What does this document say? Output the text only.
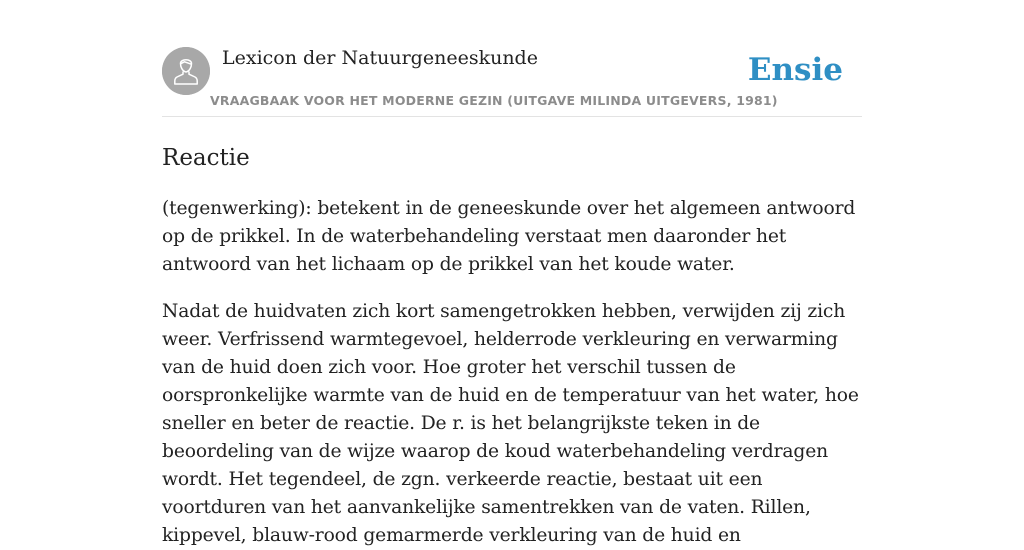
Lexicon der Natuurgeneeskunde
VRAAGBAAK VOOR HET MODERNE GEZIN (UITGAVE MILINDA UITGEVERS, 1981)
Ensie
Reactie

(tegenwerking): betekent in de geneeskunde over het algemeen antwoord op de prikkel. In de waterbehandeling verstaat men daaronder het antwoord van het lichaam op de prikkel van het koude water.

Nadat de huidvaten zich kort samengetrokken hebben, verwijden zij zich weer. Verfrissend warmtegevoel, helderrode verkleuring en verwarming van de huid doen zich voor. Hoe groter het verschil tussen de oorspronkelijke warmte van de huid en de temperatuur van het water, hoe sneller en beter de reactie. De r. is het belangrijkste teken in de beoordeling van de wijze waarop de koud waterbehandeling verdragen wordt. Het tegendeel, de zgn. verkeerde reactie, bestaat uit een voortduren van het aanvankelijke samentrekken van de vaten. Rillen, kippevel, blauw-rood gemarmerde verkleuring van de huid en
